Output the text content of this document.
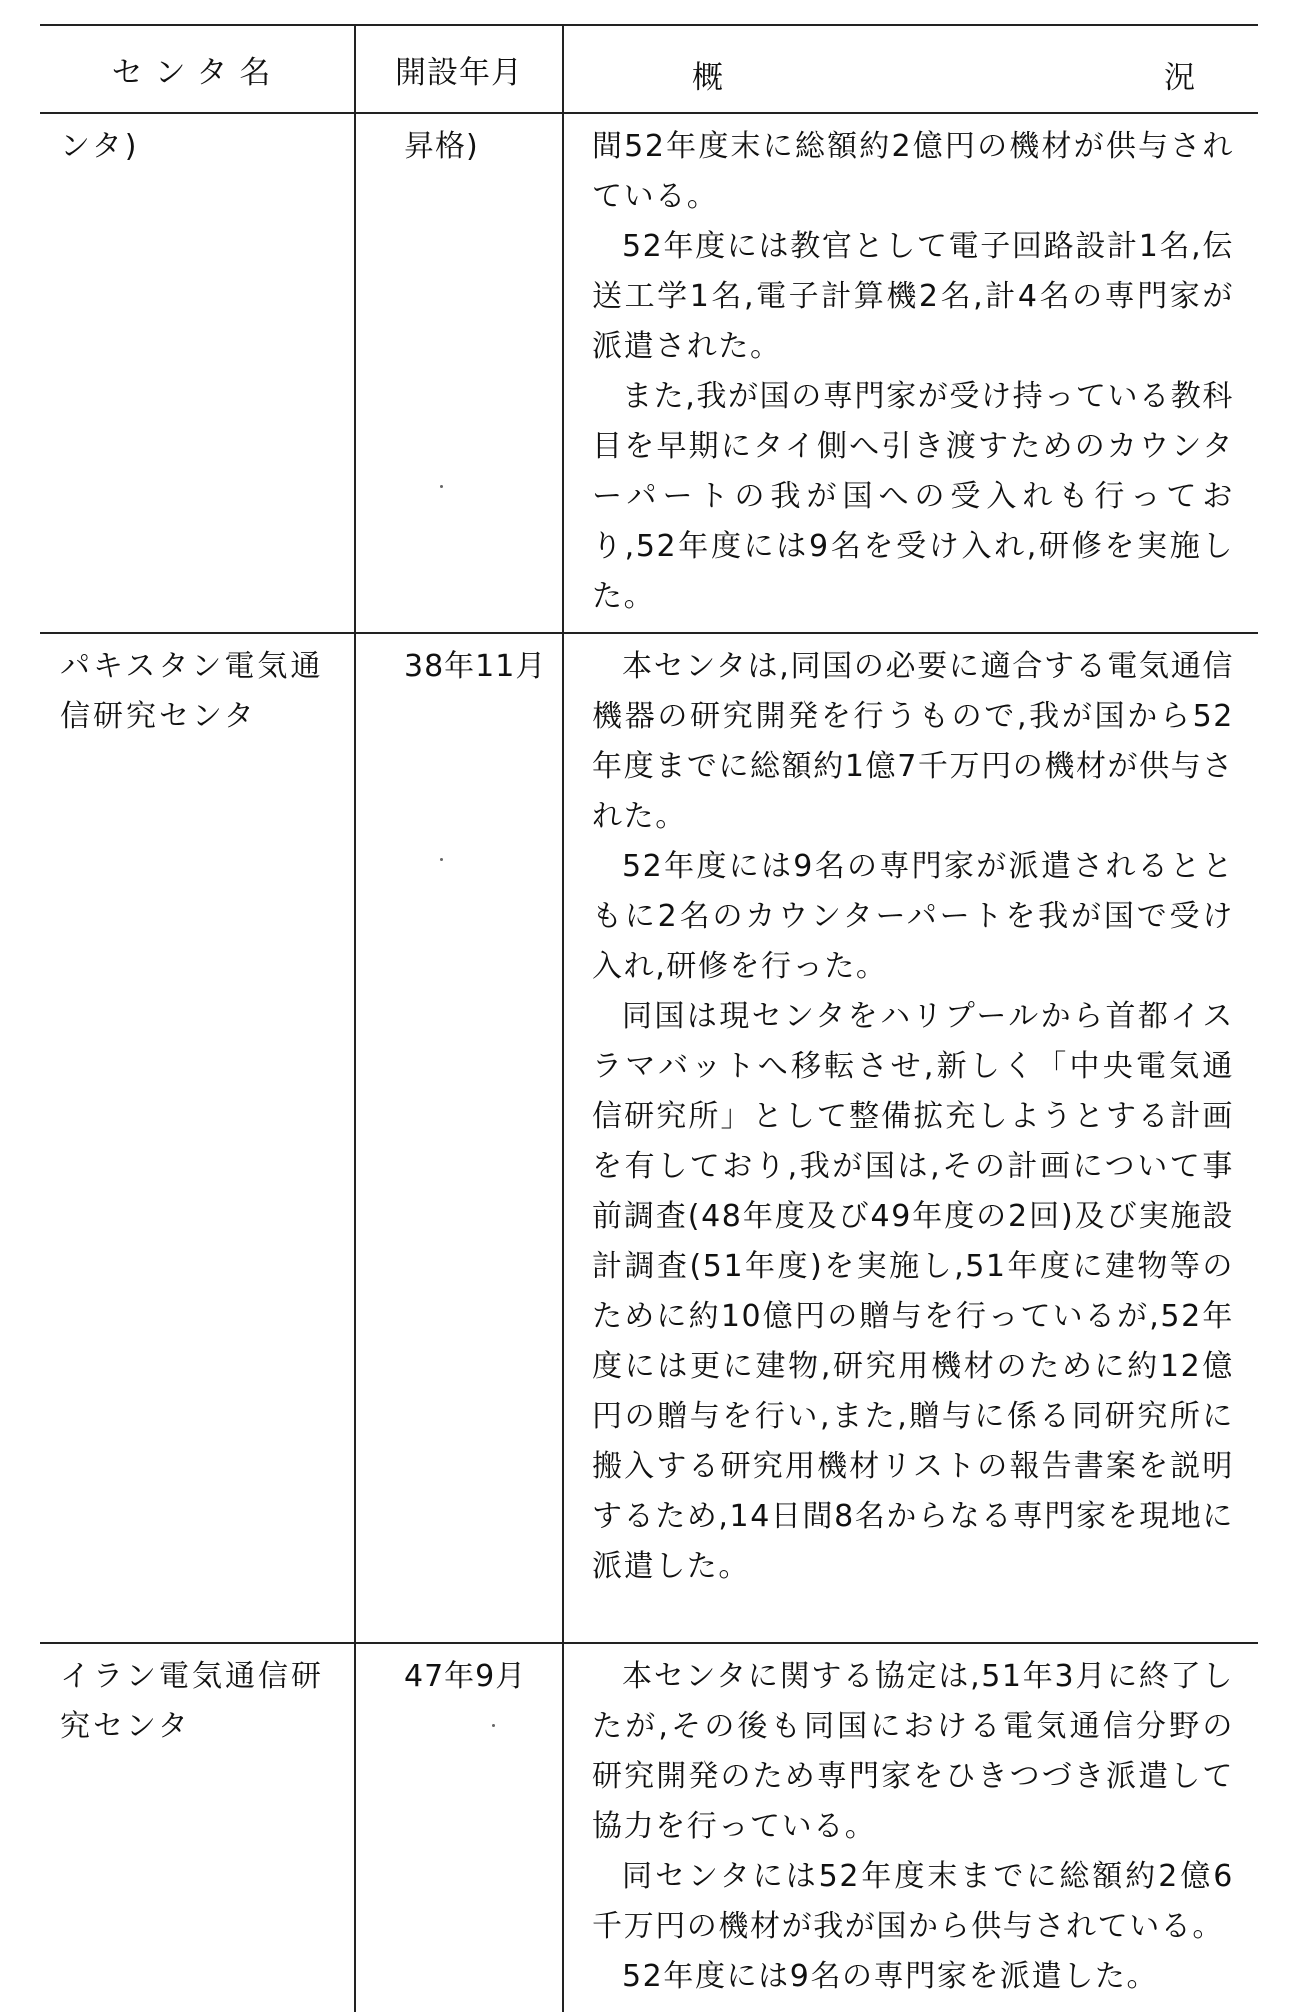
センタ名	開設年月	概 況

ンタ)	昇格)	間52年度末に総額約2億円の機材が供与されている。

52年度には教官として電子回路設計1名,伝送工学1名,電子計算機2名,計4名の専門家が派遣された。

また,我が国の専門家が受け持っている教科目を早期にタイ側へ引き渡すためのカウンターパートの我が国への受入れも行っており,52年度には9名を受け入れ,研修を実施した。

パキスタン電気通信研究センタ	38年11月	本センタは,同国の必要に適合する電気通信機器の研究開発を行うもので,我が国から52年度までに総額約1億7千万円の機材が供与された。

52年度には9名の専門家が派遣されるとともに2名のカウンターパートを我が国で受け入れ,研修を行った。

同国は現センタをハリプールから首都イスラマバットへ移転させ,新しく「中央電気通信研究所」として整備拡充しようとする計画を有しており,我が国は,その計画について事前調査(48年度及び49年度の2回)及び実施設計調査(51年度)を実施し,51年度に建物等のために約10億円の贈与を行っているが,52年度には更に建物,研究用機材のために約12億円の贈与を行い,また,贈与に係る同研究所に搬入する研究用機材リストの報告書案を説明するため,14日間8名からなる専門家を現地に派遣した。

イラン電気通信研究センタ	47年9月	本センタに関する協定は,51年3月に終了したが,その後も同国における電気通信分野の研究開発のため専門家をひきつづき派遣して協力を行っている。

同センタには52年度末までに総額約2億6千万円の機材が我が国から供与されている。

52年度には9名の専門家を派遣した。
